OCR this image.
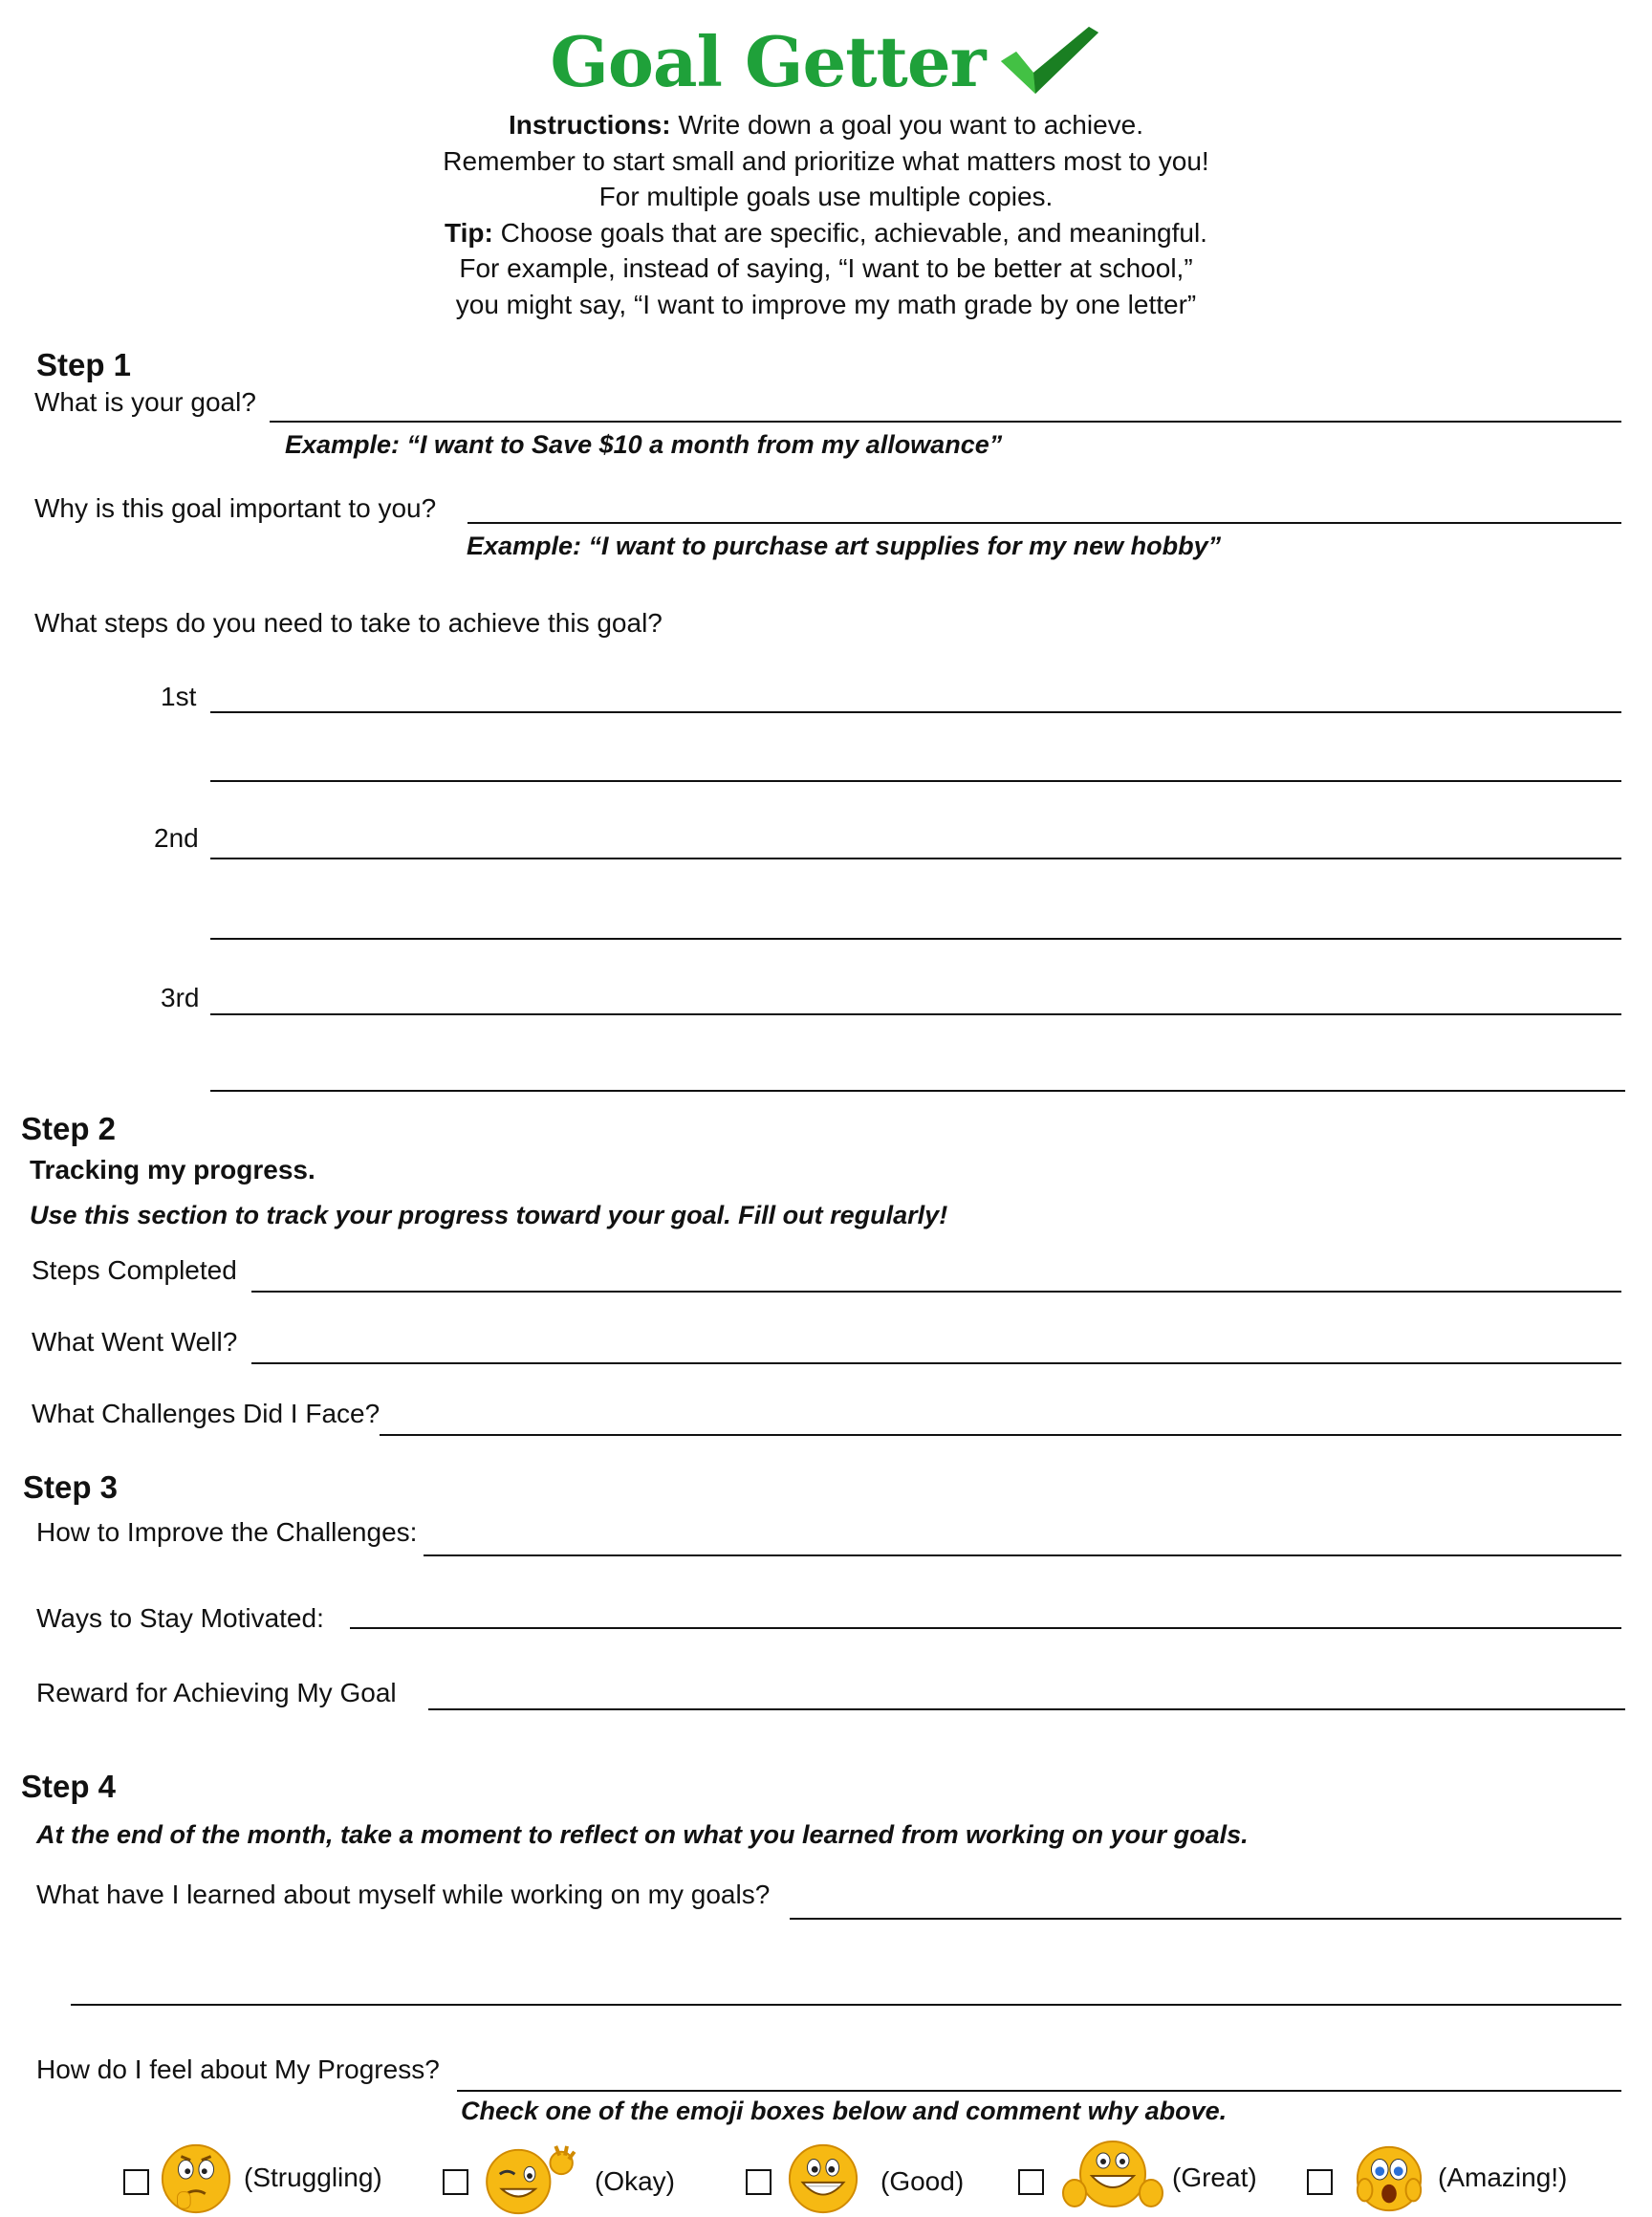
Goal Getter
Instructions: Write down a goal you want to achieve.
Remember to start small and prioritize what matters most to you!
For multiple goals use multiple copies.
Tip: Choose goals that are specific, achievable, and meaningful.
For example, instead of saying, “I want to be better at school,”
you might say, “I want to improve my math grade by one letter”
Step 1
What is your goal?
Example: “I want to Save $10 a month from my allowance”
Why is this goal important to you?
Example: “I want to purchase art supplies for my new hobby”
What steps do you need to take to achieve this goal?
1st
2nd
3rd
Step 2
Tracking my progress.
Use this section to track your progress toward your goal. Fill out regularly!
Steps Completed
What Went Well?
What Challenges Did I Face?
Step 3
How to Improve the Challenges:
Ways to Stay Motivated:
Reward for Achieving My Goal
Step 4
At the end of the month, take a moment to reflect on what you learned from working on your goals.
What have I learned about myself while working on my goals?
How do I feel about My Progress?
Check one of the emoji boxes below and comment why above.
(Struggling)	(Okay)	(Good)	(Great)	(Amazing!)
